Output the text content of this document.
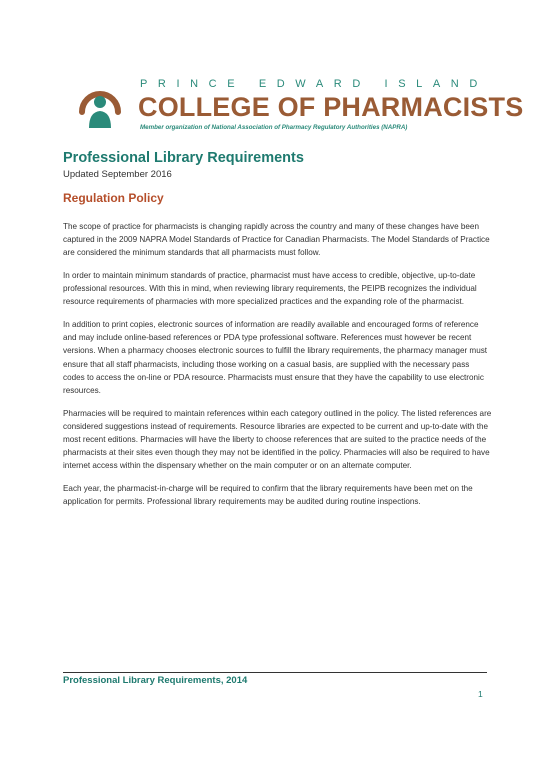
PRINCE EDWARD ISLAND
COLLEGE OF PHARMACISTS
Member organization of National Association of Pharmacy Regulatory Authorities (NAPRA)
Professional Library Requirements
Updated September 2016
Regulation Policy

The scope of practice for pharmacists is changing rapidly across the country and many of these changes have been captured in the 2009 NAPRA Model Standards of Practice for Canadian Pharmacists. The Model Standards of Practice are considered the minimum standards that all pharmacists must follow.

In order to maintain minimum standards of practice, pharmacist must have access to credible, objective, up-to-date professional resources. With this in mind, when reviewing library requirements, the PEIPB recognizes the individual resource requirements of pharmacies with more specialized practices and the expanding role of the pharmacist.

In addition to print copies, electronic sources of information are readily available and encouraged forms of reference and may include online-based references or PDA type professional software. References must however be recent versions. When a pharmacy chooses electronic sources to fulfill the library requirements, the pharmacy manager must ensure that all staff pharmacists, including those working on a casual basis, are supplied with the necessary pass codes to access the on-line or PDA resource. Pharmacists must ensure that they have the capability to use electronic resources.

Pharmacies will be required to maintain references within each category outlined in the policy. The listed references are considered suggestions instead of requirements. Resource libraries are expected to be current and up-to-date with the most recent editions. Pharmacies will have the liberty to choose references that are suited to the practice needs of the pharmacists at their sites even though they may not be identified in the policy. Pharmacies will also be required to have internet access within the dispensary whether on the main computer or on an alternate computer.

Each year, the pharmacist-in-charge will be required to confirm that the library requirements have been met on the application for permits. Professional library requirements may be audited during routine inspections.

Professional Library Requirements, 2014
1
